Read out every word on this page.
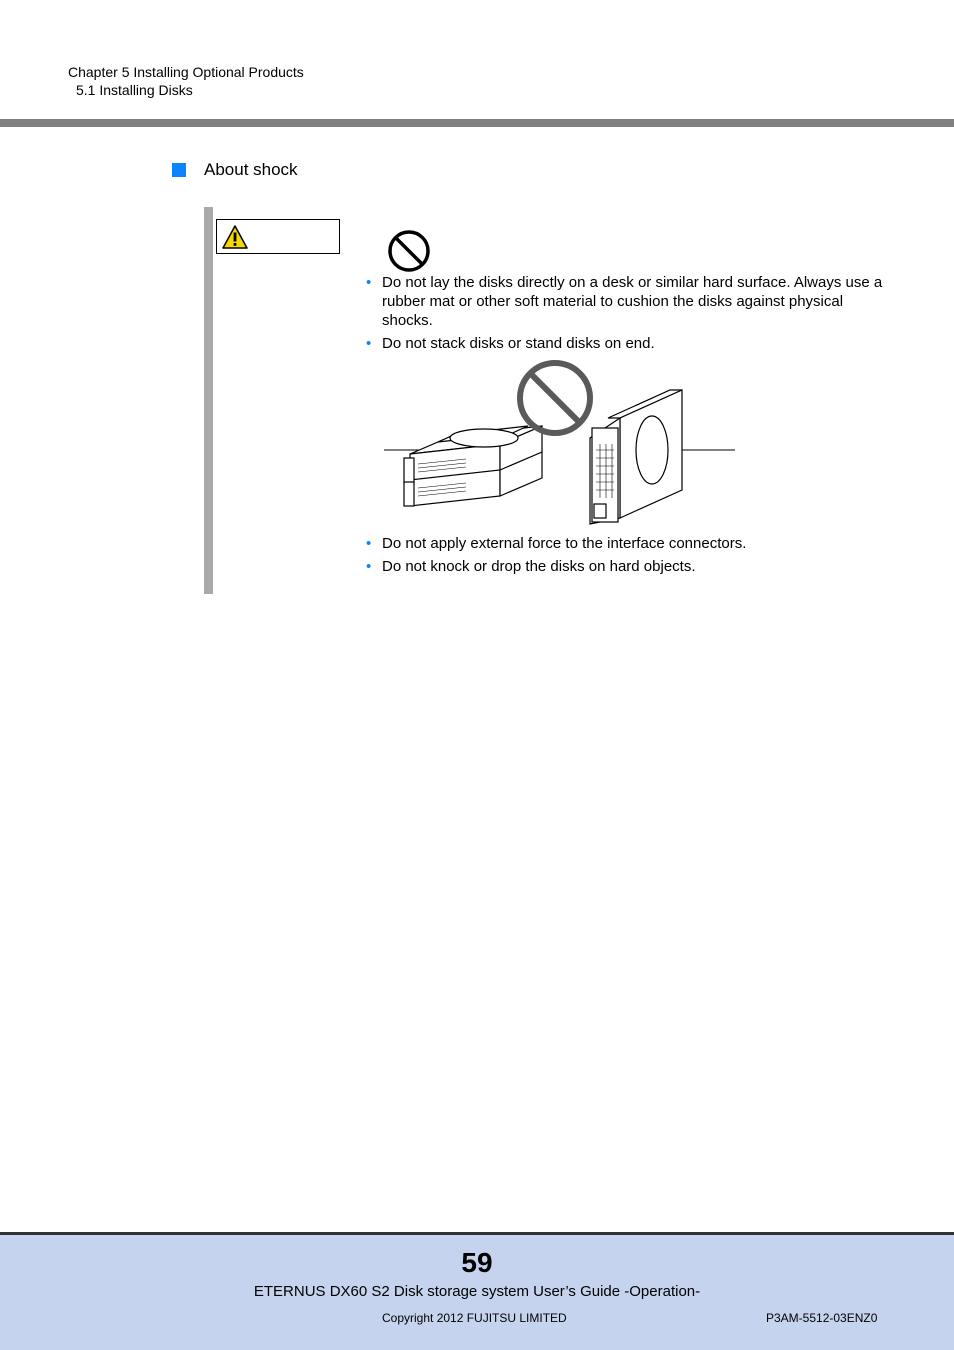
Chapter 5 Installing Optional Products
5.1 Installing Disks
About shock
• Do not lay the disks directly on a desk or similar hard surface. Always use a rubber mat or other soft material to cushion the disks against physical shocks.
• Do not stack disks or stand disks on end.
• Do not apply external force to the interface connectors.
• Do not knock or drop the disks on hard objects.
59
ETERNUS DX60 S2 Disk storage system User’s Guide -Operation-
Copyright 2012 FUJITSU LIMITED	P3AM-5512-03ENZ0
